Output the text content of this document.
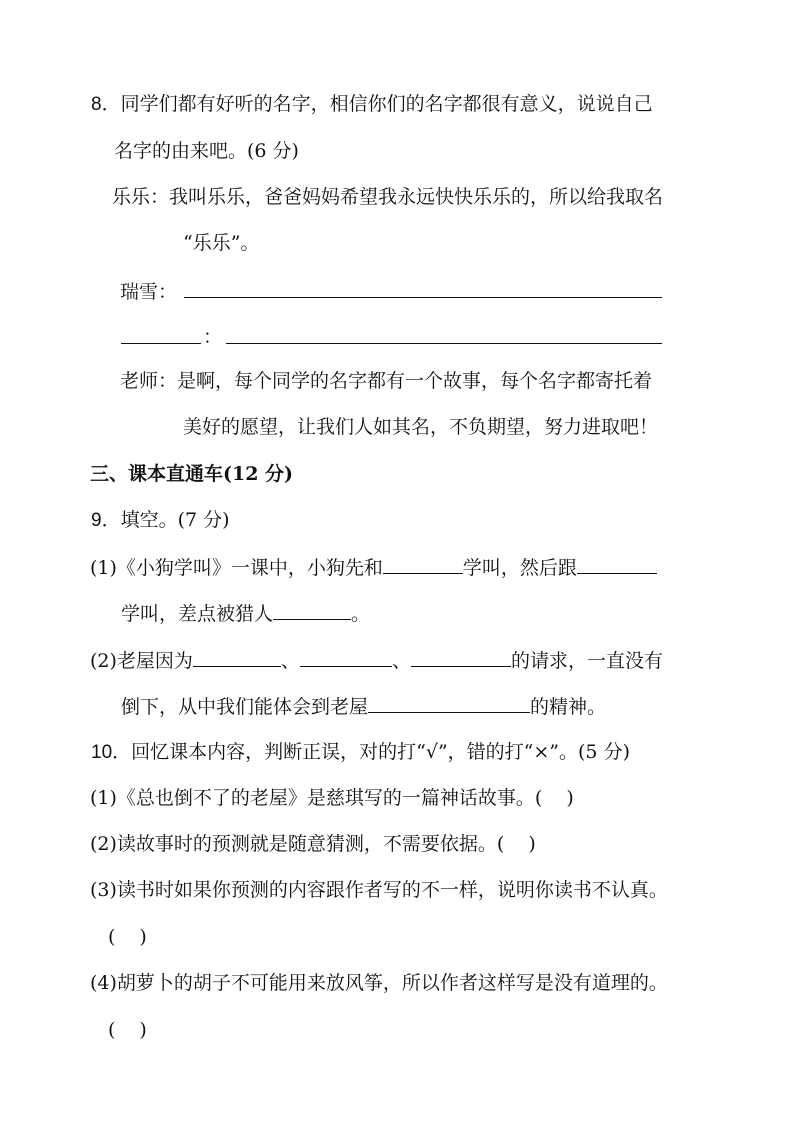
8．同学们都有好听的名字，相信你们的名字都很有意义，说说自己
名字的由来吧。(6 分)
乐乐：我叫乐乐，爸爸妈妈希望我永远快快乐乐的，所以给我取名
“乐乐”。
瑞雪：
：
老师：是啊，每个同学的名字都有一个故事，每个名字都寄托着
美好的愿望，让我们人如其名，不负期望，努力进取吧！
三、课本直通车(12 分)
9．填空。(7 分)
(1)《小狗学叫》一课中，小狗先和	学叫，然后跟
学叫，差点被猎人	。
(2)老屋因为	、	、	的请求，一直没有
倒下，从中我们能体会到老屋	的精神。
10．回忆课本内容，判断正误，对的打“√”，错的打“×”。(5 分)
(1)《总也倒不了的老屋》是慈琪写的一篇神话故事。( )
(2)读故事时的预测就是随意猜测，不需要依据。( )
(3)读书时如果你预测的内容跟作者写的不一样，说明你读书不认真。
( )
(4)胡萝卜的胡子不可能用来放风筝，所以作者这样写是没有道理的。
( )
